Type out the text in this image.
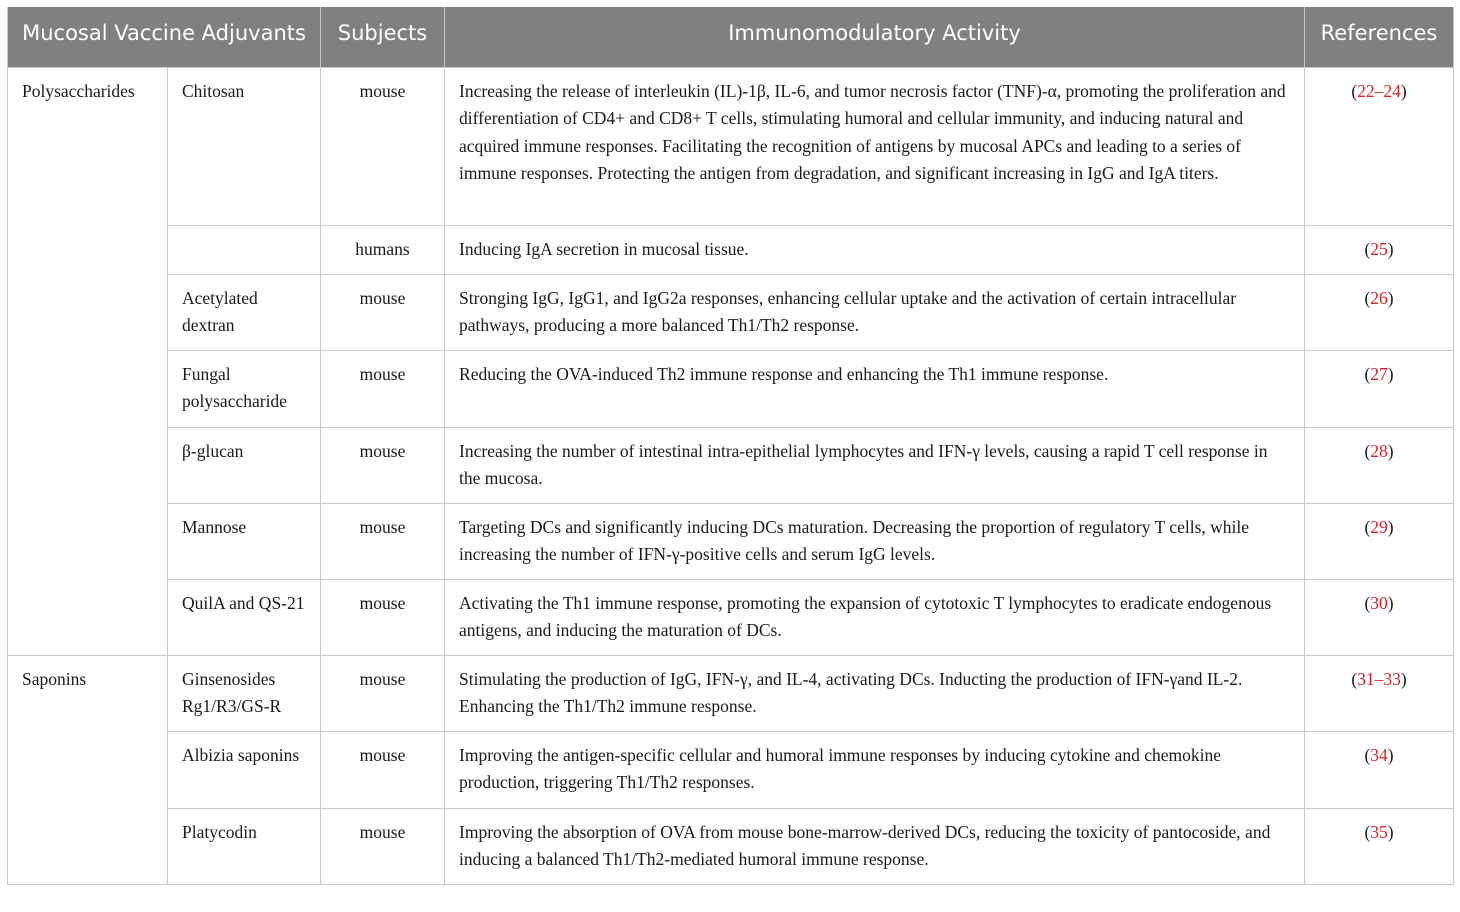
Mucosal Vaccine Adjuvants		Subjects	Immunomodulatory Activity	References
Polysaccharides	Chitosan	mouse	Increasing the release of interleukin (IL)-1β, IL-6, and tumor necrosis factor (TNF)-α, promoting the proliferation and differentiation of CD4+ and CD8+ T cells, stimulating humoral and cellular immunity, and inducing natural and acquired immune responses. Facilitating the recognition of antigens by mucosal APCs and leading to a series of immune responses. Protecting the antigen from degradation, and significant increasing in IgG and IgA titers.	(22–24)
		humans	Inducing IgA secretion in mucosal tissue.	(25)
	Acetylated dextran	mouse	Stronging IgG, IgG1, and IgG2a responses, enhancing cellular uptake and the activation of certain intracellular pathways, producing a more balanced Th1/Th2 response.	(26)
	Fungal polysaccharide	mouse	Reducing the OVA-induced Th2 immune response and enhancing the Th1 immune response.	(27)
	β-glucan	mouse	Increasing the number of intestinal intra-epithelial lymphocytes and IFN-γ levels, causing a rapid T cell response in the mucosa.	(28)
	Mannose	mouse	Targeting DCs and significantly inducing DCs maturation. Decreasing the proportion of regulatory T cells, while increasing the number of IFN-γ-positive cells and serum IgG levels.	(29)
	QuilA and QS-21	mouse	Activating the Th1 immune response, promoting the expansion of cytotoxic T lymphocytes to eradicate endogenous antigens, and inducing the maturation of DCs.	(30)
Saponins	Ginsenosides Rg1/R3/GS-R	mouse	Stimulating the production of IgG, IFN-γ, and IL-4, activating DCs. Inducting the production of IFN-γand IL-2. Enhancing the Th1/Th2 immune response.	(31–33)
	Albizia saponins	mouse	Improving the antigen-specific cellular and humoral immune responses by inducing cytokine and chemokine production, triggering Th1/Th2 responses.	(34)
	Platycodin	mouse	Improving the absorption of OVA from mouse bone-marrow-derived DCs, reducing the toxicity of pantocoside, and inducing a balanced Th1/Th2-mediated humoral immune response.	(35)
